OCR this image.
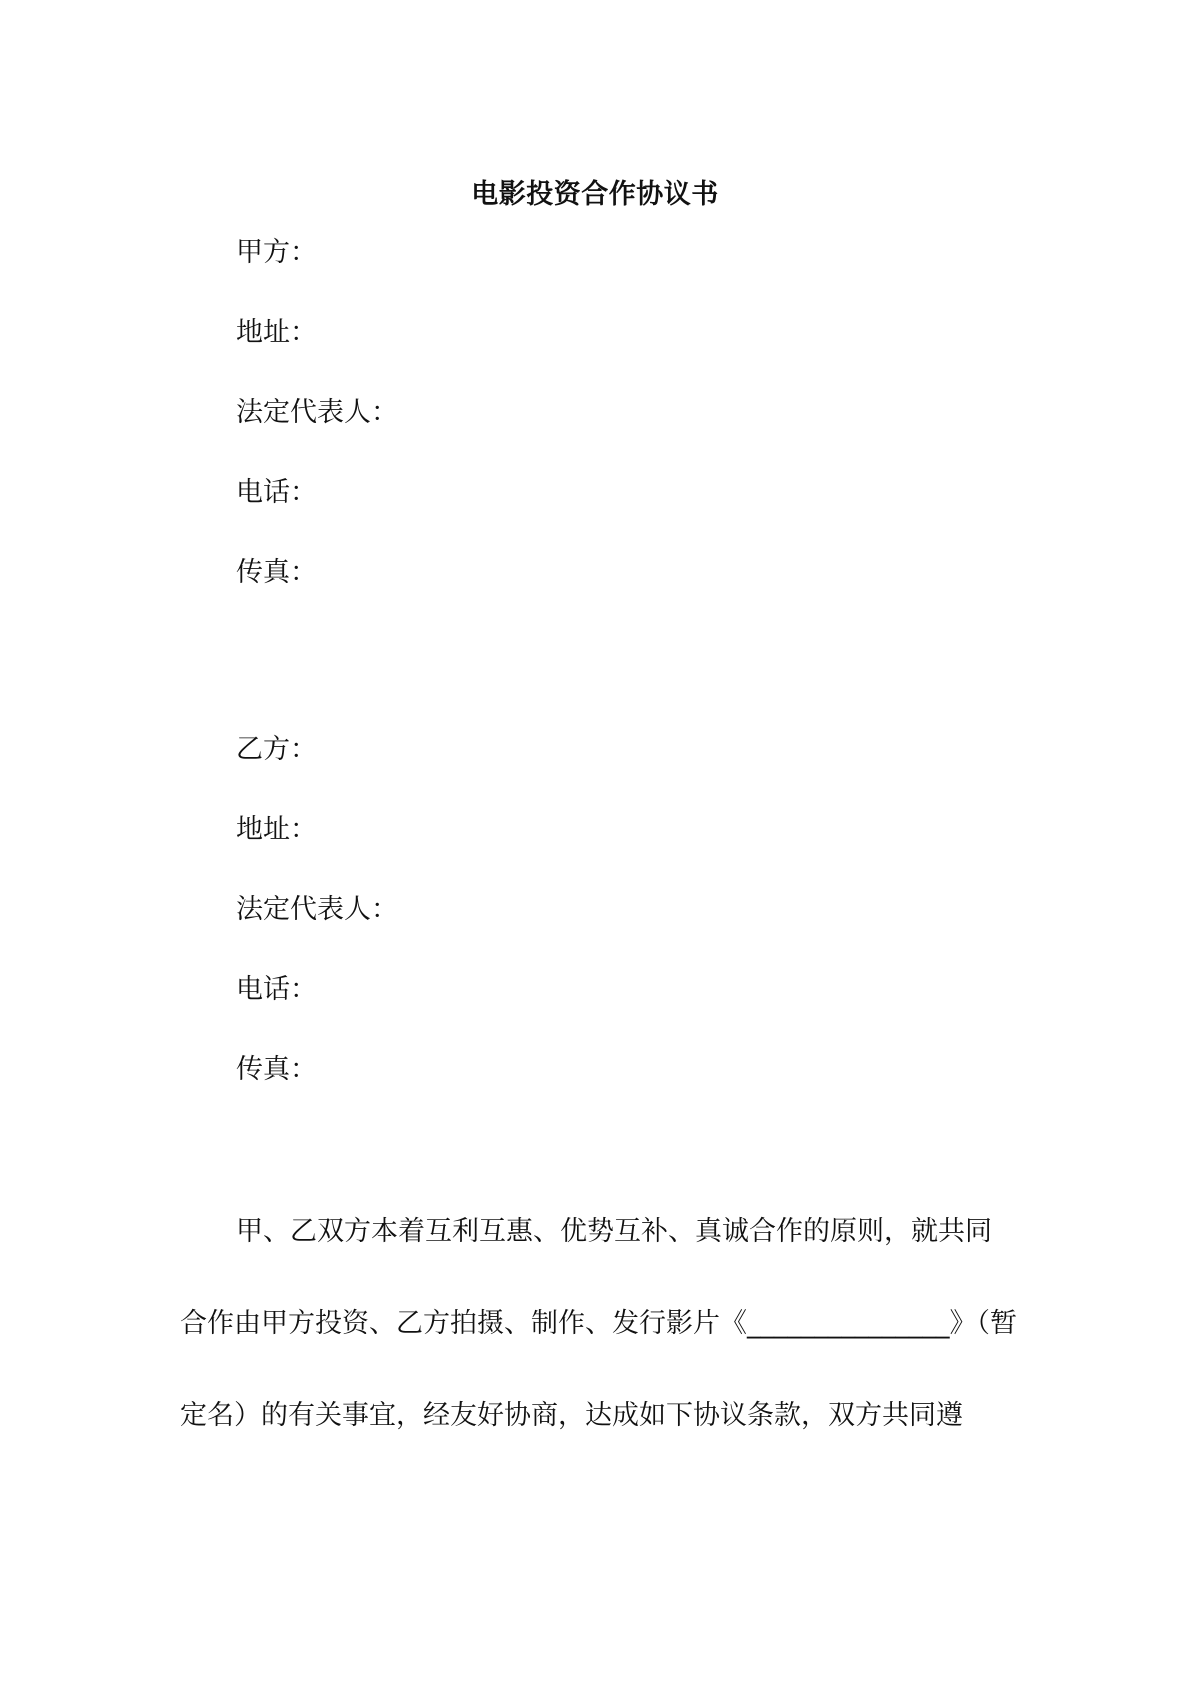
电影投资合作协议书
甲方：
地址：
法定代表人：
电话：
传真：
乙方：
地址：
法定代表人：
电话：
传真：
甲、乙双方本着互利互惠、优势互补、真诚合作的原则，就共同
合作由甲方投资、乙方拍摄、制作、发行影片《_______________》（暂
定名）的有关事宜，经友好协商，达成如下协议条款，双方共同遵
